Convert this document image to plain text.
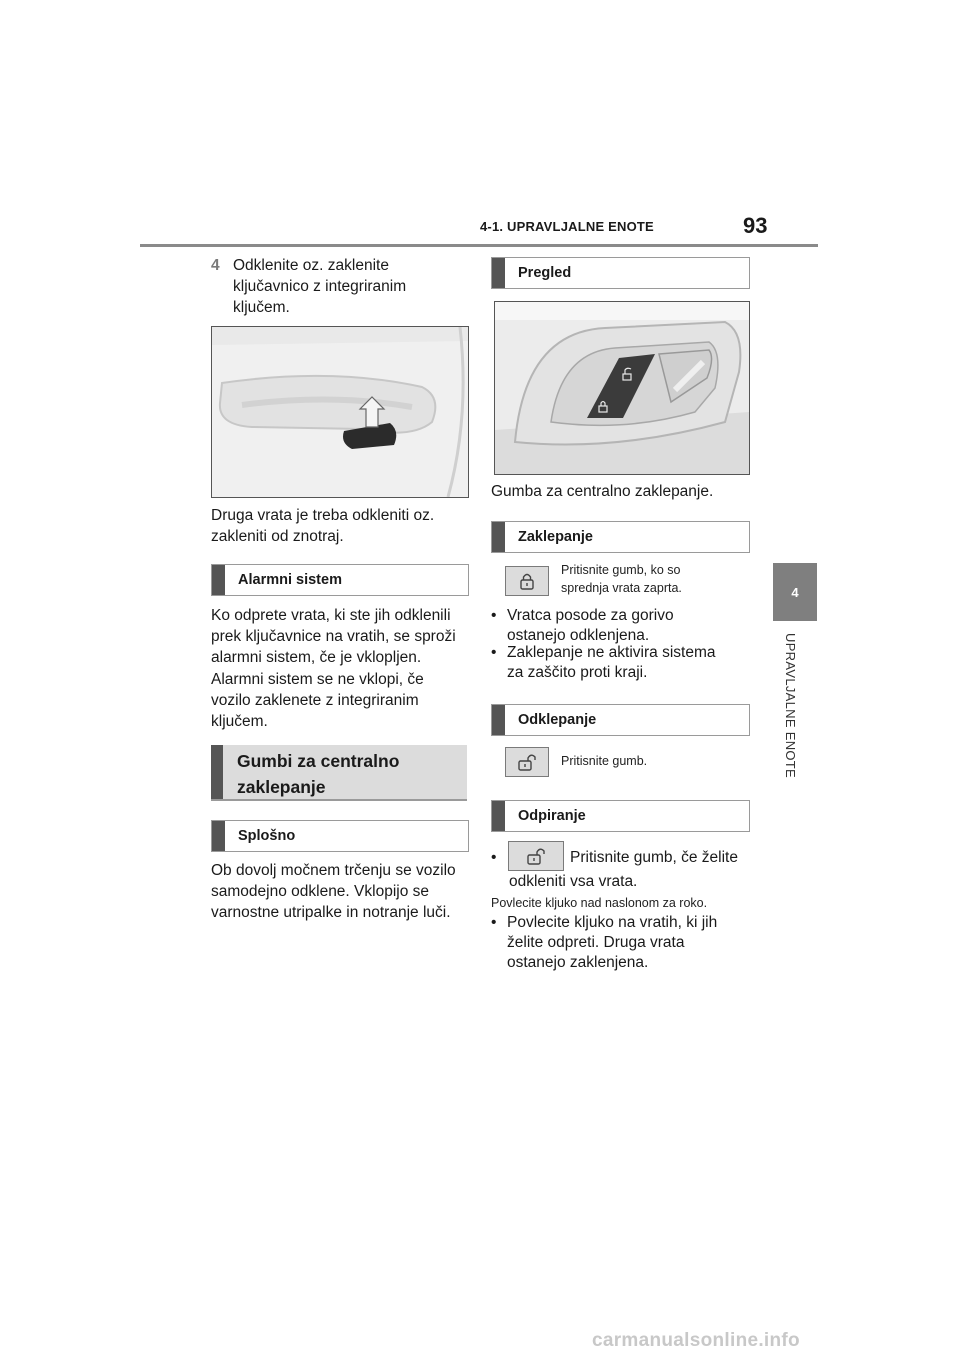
4-1. UPRAVLJALNE ENOTE	93
4
UPRAVLJALNE ENOTE
4 Odklenite oz. zaklenite
ključavnico z integriranim
ključem.
Druga vrata je treba odkleniti oz.
zakleniti od znotraj.
Alarmni sistem
Ko odprete vrata, ki ste jih odklenili
prek ključavnice na vratih, se sproži
alarmni sistem, če je vklopljen.
Alarmni sistem se ne vklopi, če
vozilo zaklenete z integriranim
ključem.
Gumbi za centralno
zaklepanje
Splošno
Ob dovolj močnem trčenju se vozilo
samodejno odklene. Vklopijo se
varnostne utripalke in notranje luči.
Pregled
Gumba za centralno zaklepanje.
Zaklepanje
Pritisnite gumb, ko so
sprednja vrata zaprta.
• Vratca posode za gorivo
ostanejo odklenjena.
• Zaklepanje ne aktivira sistema
za zaščito proti kraji.
Odklepanje
Pritisnite gumb.
Odpiranje
•	Pritisnite gumb, če želite
odkleniti vsa vrata.
Povlecite kljuko nad naslonom za roko.
• Povlecite kljuko na vratih, ki jih
želite odpreti. Druga vrata
ostanejo zaklenjena.
carmanualsonline.info
